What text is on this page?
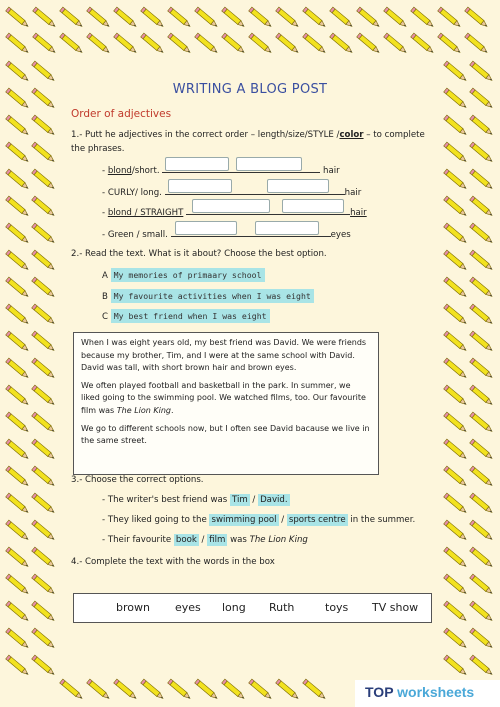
WRITING A BLOG POST
Order of adjectives
1.- Putt he adjectives in the correct order – length/size/STYLE /color – to complete
the phrases.
- blond/short.	hair
- CURLY/ long.	hair
- blond / STRAIGHT	hair
- Green / small.	eyes
2.- Read the text. What is it about? Choose the best option.
A My memories of primaary school
B My favourite activities when I was eight
C My best friend when I was eight

When I was eight years old, my best friend was David. We were friends because my brother, Tim, and I were at the same school with David. David was tall, with short brown hair and brown eyes.

We often played football and basketball in the park. In summer, we liked going to the swimming pool. We watched films, too. Our favourite film was The Lion King.

We go to different schools now, but I often see David bacause we live in the same street.

3.- Choose the correct options.
- The writer's best friend was Tim / David.
- They liked going to the swimming pool / sports centre in the summer.
- Their favourite book / film was The Lion King
4.- Complete the text with the words in the box
brown eyes long Ruth	toys TV show
TOP worksheets
